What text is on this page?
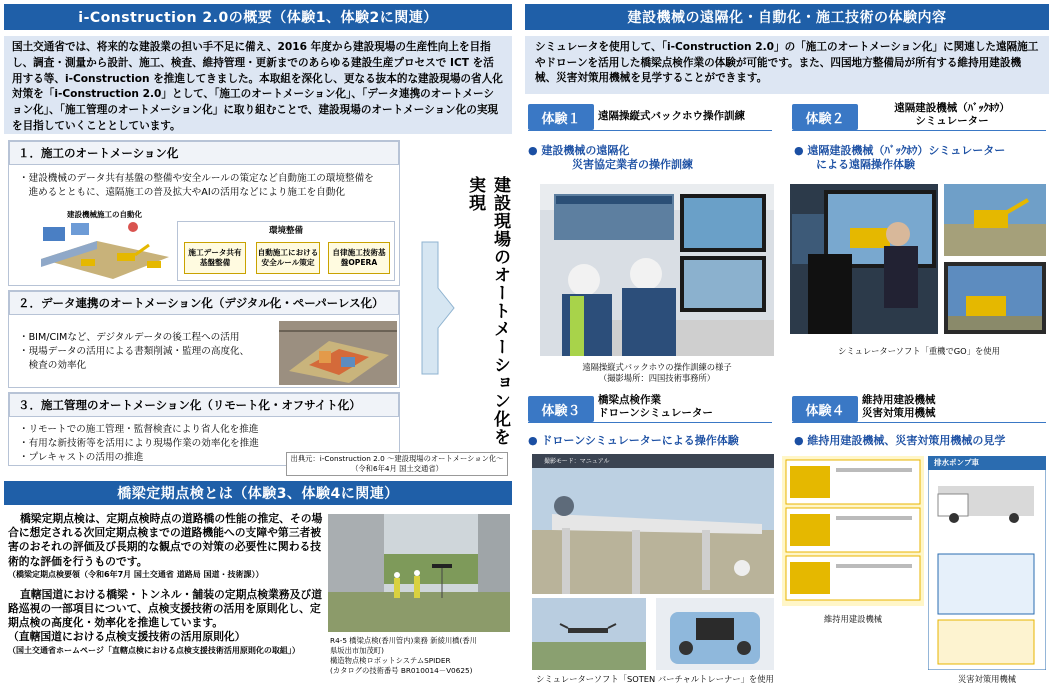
i-Construction 2.0の概要（体験1、体験2に関連）
国土交通省では、将来的な建設業の担い手不足に備え、2016 年度から建設現場の生産性向上を目指し、調査・測量から設計、施工、検査、維持管理・更新までのあらゆる建設生産プロセスで ICT を活用する等、i-Construction を推進してきました。本取組を深化し、更なる抜本的な建設現場の省人化対策を「i-Construction 2.0」として、「施工のオートメーション化」、「データ連携のオートメーション化」、「施工管理のオートメーション化」に取り組むことで、建設現場のオートメーション化の実現を目指していくこととしています。
１．施工のオートメーション化
・建設機械のデータ共有基盤の整備や安全ルールの策定など自動施工の環境整備を
　進めるとともに、遠隔施工の普及拡大やAIの活用などにより施工を自動化
建設機械施工の自動化
環境整備
施工データ共有基盤整備
自動施工における安全ルール策定
自律施工技術基盤OPERA
２．データ連携のオートメーション化（デジタル化・ペーパーレス化）
・BIM/CIMなど、デジタルデータの後工程への活用
・現場データの活用による書類削減・監理の高度化、
　検査の効率化
３．施工管理のオートメーション化（リモート化・オフサイト化）
・リモートでの施工管理・監督検査により省人化を推進
・有用な新技術等を活用により現場作業の効率化を推進
・プレキャストの活用の推進	出典元：i-Construction 2.0 ～建設現場のオートメーション化～
（令和6年4月 国土交通省）
建設現場のオートメーション化を実現
橋梁定期点検とは（体験3、体験4に関連）
橋梁定期点検は、定期点検時点の道路橋の性能の推定、その場合に想定される次回定期点検までの道路機能への支障や第三者被害のおそれの評価及び長期的な観点での対策の必要性に関わる技術的な評価を行うものです。
（橋梁定期点検要領（令和6年7月 国土交通省 道路局 国道・技術課））
直轄国道における橋梁・トンネル・舗装の定期点検業務及び道路巡視の一部項目について、点検支援技術の活用を原則化し、定期点検の高度化・効率化を推進しています。
（直轄国道における点検支援技術の活用原則化）
（国土交通省ホームページ「直轄点検における点検支援技術活用原則化の取組」）
R4-5 橋梁点検(香川管内)業務 新綾川橋(香川
県坂出市加茂町)
構造物点検ロボットシステムSPIDER
(カタログの技術番号 BR010014－V0625)
建設機械の遠隔化・自動化・施工技術の体験内容
シミュレータを使用して、「i-Construction 2.0」の「施工のオートメーション化」に関連した遠隔施工やドローンを活用した橋梁点検作業の体験が可能です。また、四国地方整備局が所有する維持用建設機械、災害対策用機械を見学することができます。
体験１	遠隔操縦式バックホウ操作訓練
● 建設機械の遠隔化
　　　　災害協定業者の操作訓練
遠隔操縦式バックホウの操作訓練の様子
（撮影場所：四国技術事務所）
体験２
遠隔建設機械（ﾊﾞｯｸﾎｳ）
シミュレーター
● 遠隔建設機械（ﾊﾞｯｸﾎｳ）シミュレーター
　　による遠隔操作体験
シミュレーターソフト「重機でGO」を使用
体験３
橋梁点検作業
ドローンシミュレーター
● ドローンシミュレーターによる操作体験
撮影モード：マニュアル
シミュレーターソフト「SOTEN バーチャルトレーナー」を使用
体験４
維持用建設機械
災害対策用機械
● 維持用建設機械、災害対策用機械の見学
維持用建設機械
排水ポンプ車
災害対策用機械
